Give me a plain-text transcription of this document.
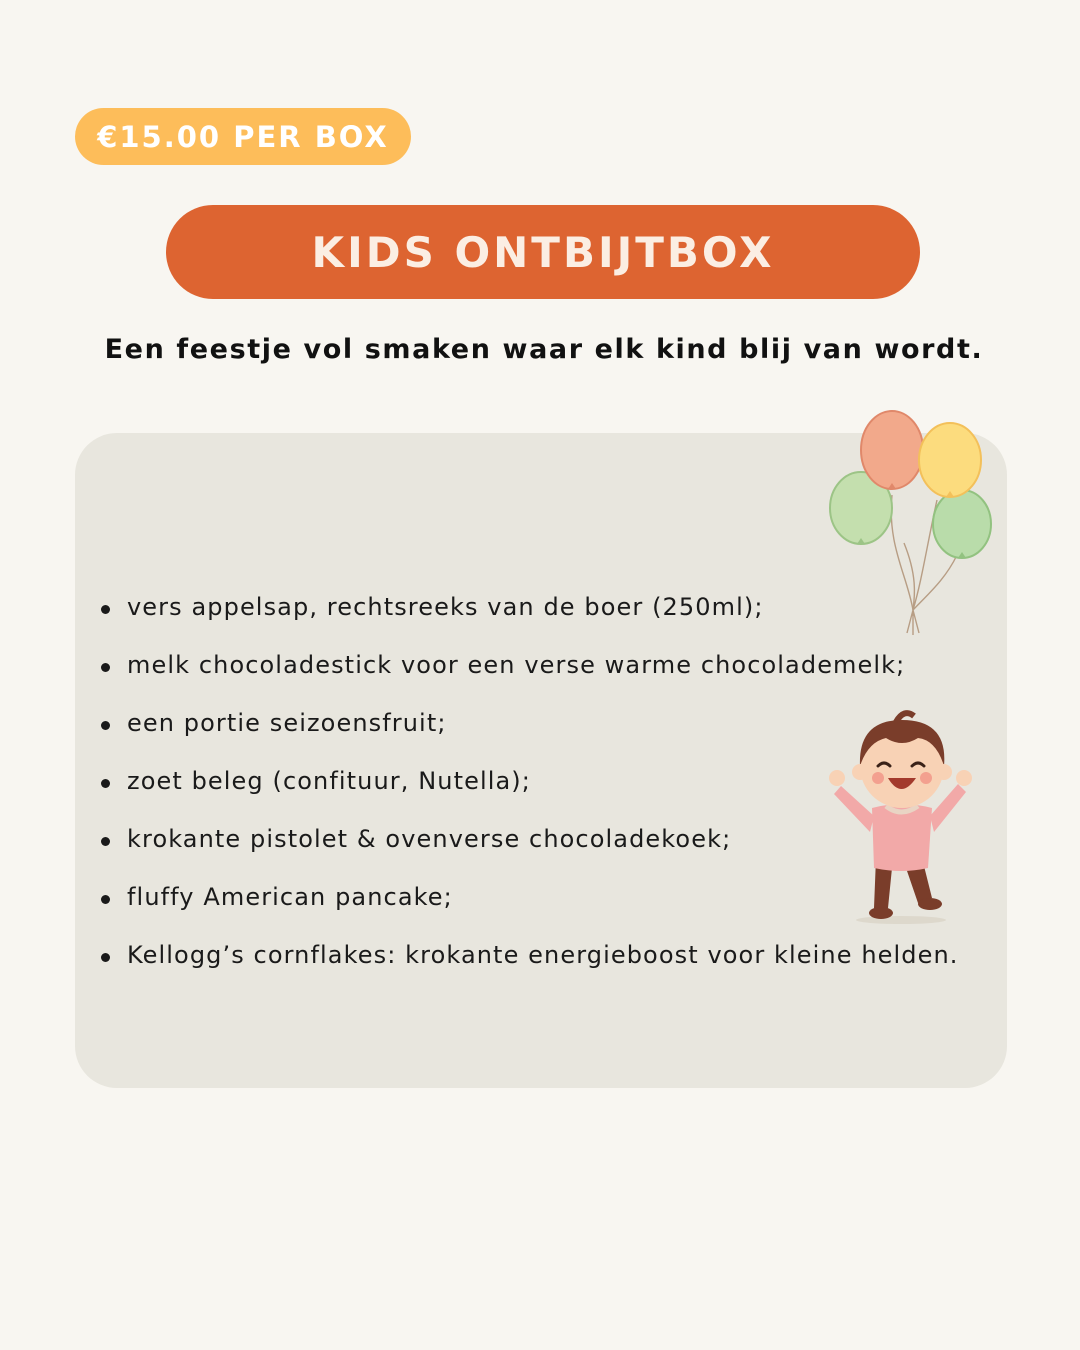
€15.00 PER BOX
KIDS ONTBIJTBOX
Een feestje vol smaken waar elk kind blij van wordt.
vers appelsap, rechtsreeks van de boer (250ml);
melk chocoladestick voor een verse warme chocolademelk;
een portie seizoensfruit;
zoet beleg (confituur, Nutella);
krokante pistolet & ovenverse chocoladekoek;
fluffy American pancake;
Kellogg’s cornflakes: krokante energieboost voor kleine helden.
